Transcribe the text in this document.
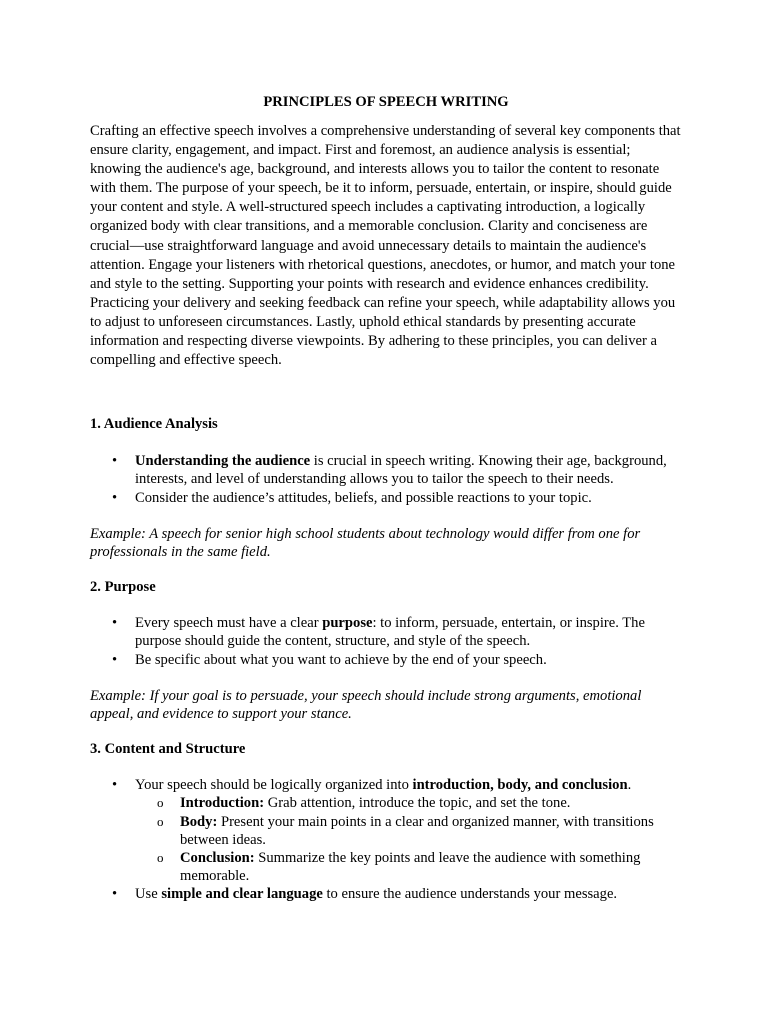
PRINCIPLES OF SPEECH WRITING

Crafting an effective speech involves a comprehensive understanding of several key components that ensure clarity, engagement, and impact. First and foremost, an audience analysis is essential; knowing the audience's age, background, and interests allows you to tailor the content to resonate with them. The purpose of your speech, be it to inform, persuade, entertain, or inspire, should guide your content and style. A well-structured speech includes a captivating introduction, a logically organized body with clear transitions, and a memorable conclusion. Clarity and conciseness are crucial—use straightforward language and avoid unnecessary details to maintain the audience's attention. Engage your listeners with rhetorical questions, anecdotes, or humor, and match your tone and style to the setting. Supporting your points with research and evidence enhances credibility. Practicing your delivery and seeking feedback can refine your speech, while adaptability allows you to adjust to unforeseen circumstances. Lastly, uphold ethical standards by presenting accurate information and respecting diverse viewpoints. By adhering to these principles, you can deliver a compelling and effective speech.

1. Audience Analysis

• Understanding the audience is crucial in speech writing. Knowing their age, background, interests, and level of understanding allows you to tailor the speech to their needs.
• Consider the audience’s attitudes, beliefs, and possible reactions to your topic.

Example: A speech for senior high school students about technology would differ from one for professionals in the same field.

2. Purpose

• Every speech must have a clear purpose: to inform, persuade, entertain, or inspire. The purpose should guide the content, structure, and style of the speech.
• Be specific about what you want to achieve by the end of your speech.

Example: If your goal is to persuade, your speech should include strong arguments, emotional appeal, and evidence to support your stance.

3. Content and Structure

• Your speech should be logically organized into introduction, body, and conclusion.
o Introduction: Grab attention, introduce the topic, and set the tone.
o Body: Present your main points in a clear and organized manner, with transitions between ideas.
o Conclusion: Summarize the key points and leave the audience with something memorable.
• Use simple and clear language to ensure the audience understands your message.
